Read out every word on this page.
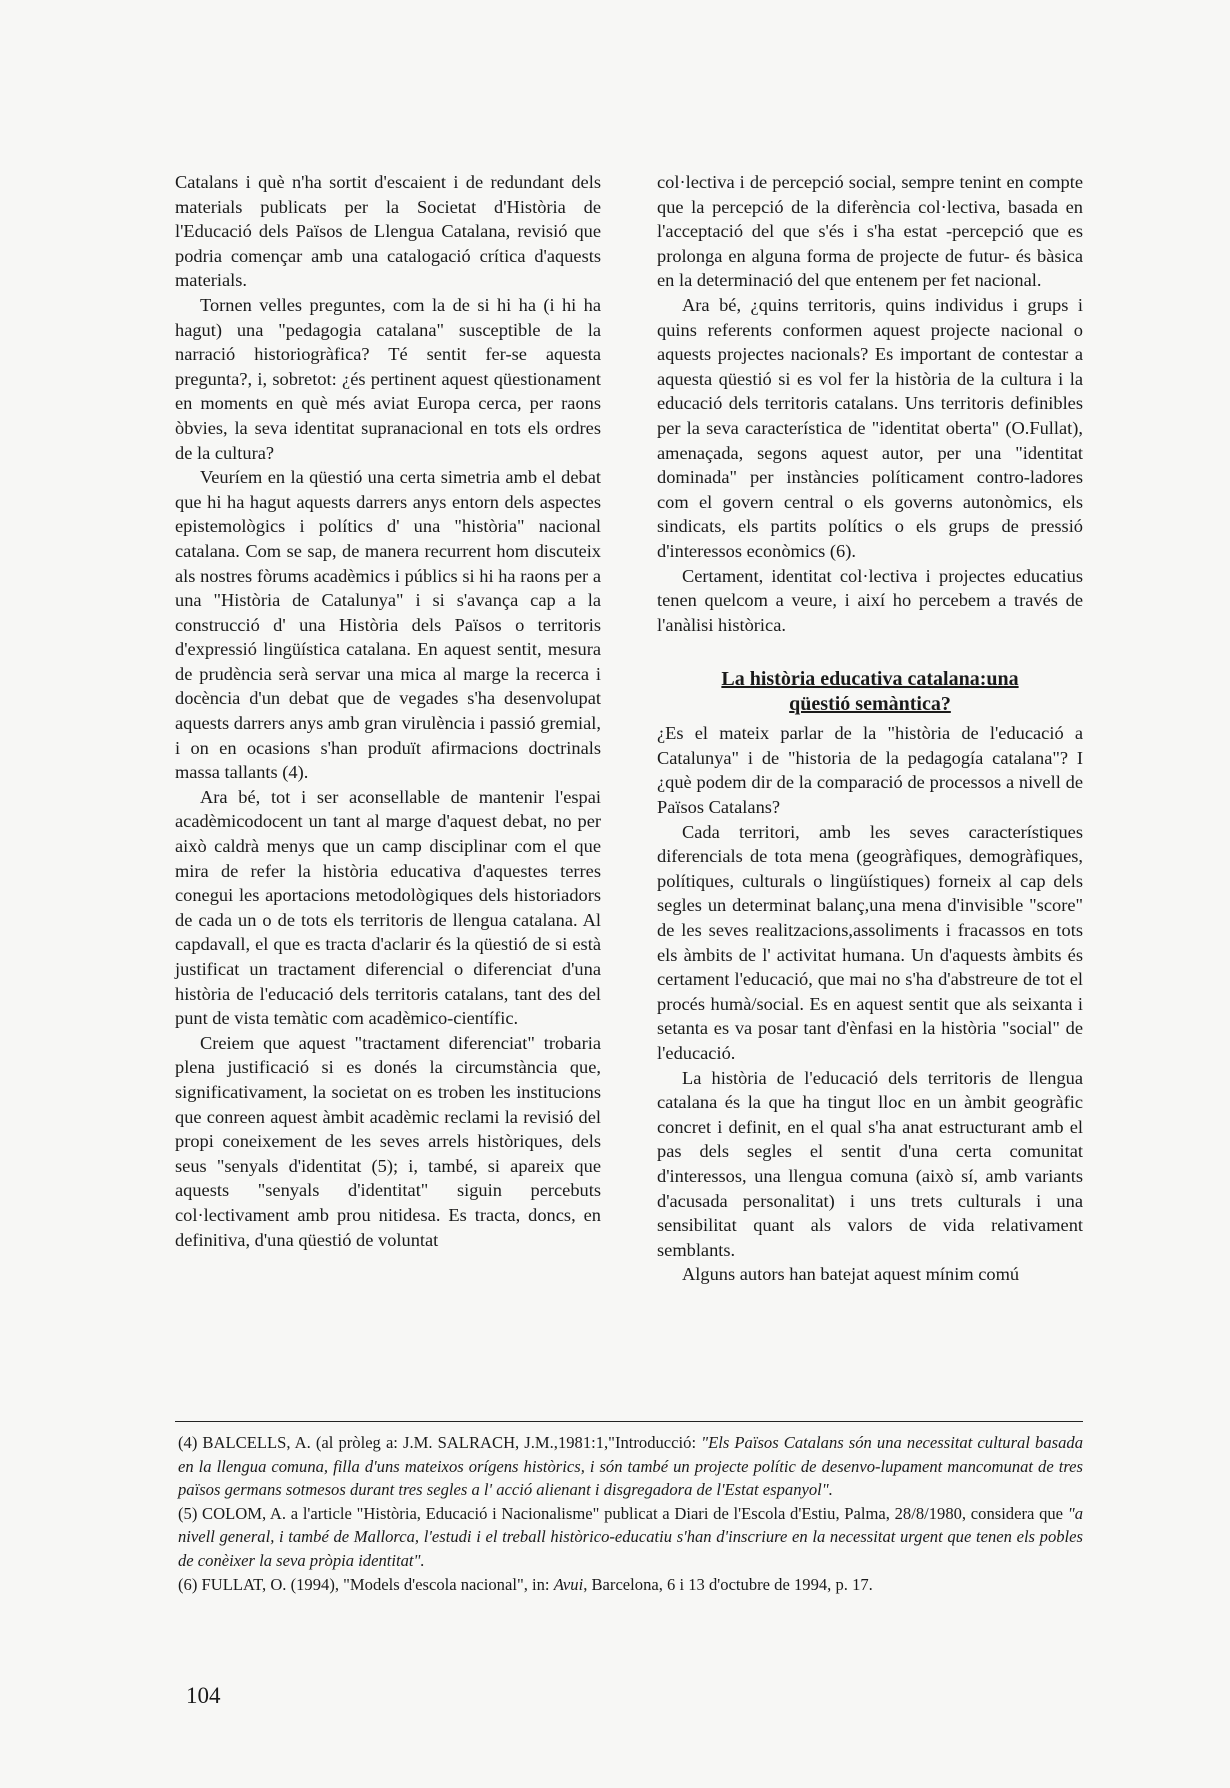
Catalans i què n'ha sortit d'escaient i de redundant dels materials publicats per la Societat d'Història de l'Educació dels Països de Llengua Catalana, revisió que podria començar amb una catalogació crítica d'aquests materials.

Tornen velles preguntes, com la de si hi ha (i hi ha hagut) una "pedagogia catalana" susceptible de la narració historiogràfica? Té sentit fer-se aquesta pregunta?, i, sobretot: ¿és pertinent aquest qüestionament en moments en què més aviat Europa cerca, per raons òbvies, la seva identitat supranacional en tots els ordres de la cultura?

Veuríem en la qüestió una certa simetria amb el debat que hi ha hagut aquests darrers anys entorn dels aspectes epistemològics i polítics d' una "història" nacional catalana. Com se sap, de manera recurrent hom discuteix als nostres fòrums acadèmics i públics si hi ha raons per a una "Història de Catalunya" i si s'avança cap a la construcció d' una Història dels Països o territoris d'expressió lingüística catalana. En aquest sentit, mesura de prudència serà servar una mica al marge la recerca i docència d'un debat que de vegades s'ha desenvolupat aquests darrers anys amb gran virulència i passió gremial, i on en ocasions s'han produït afirmacions doctrinals massa tallants (4).

Ara bé, tot i ser aconsellable de mantenir l'espai acadèmicodocent un tant al marge d'aquest debat, no per això caldrà menys que un camp disciplinar com el que mira de refer la història educativa d'aquestes terres conegui les aportacions metodològiques dels historiadors de cada un o de tots els territoris de llengua catalana. Al capdavall, el que es tracta d'aclarir és la qüestió de si està justificat un tractament diferencial o diferenciat d'una història de l'educació dels territoris catalans, tant des del punt de vista temàtic com acadèmico-científic.

Creiem que aquest "tractament diferenciat" trobaria plena justificació si es donés la circumstància que, significativament, la societat on es troben les institucions que conreen aquest àmbit acadèmic reclami la revisió del propi coneixement de les seves arrels històriques, dels seus "senyals d'identitat (5); i, també, si apareix que aquests "senyals d'identitat" siguin percebuts col·lectivament amb prou nitidesa. Es tracta, doncs, en definitiva, d'una qüestió de voluntat

col·lectiva i de percepció social, sempre tenint en compte que la percepció de la diferència col·lectiva, basada en l'acceptació del que s'és i s'ha estat -percepció que es prolonga en alguna forma de projecte de futur- és bàsica en la determinació del que entenem per fet nacional.

Ara bé, ¿quins territoris, quins individus i grups i quins referents conformen aquest projecte nacional o aquests projectes nacionals? Es important de contestar a aquesta qüestió si es vol fer la història de la cultura i la educació dels territoris catalans. Uns territoris definibles per la seva característica de "identitat oberta" (O.Fullat), amenaçada, segons aquest autor, per una "identitat dominada" per instàncies políticament contro-ladores com el govern central o els governs autonòmics, els sindicats, els partits polítics o els grups de pressió d'interessos econòmics (6).

Certament, identitat col·lectiva i projectes educatius tenen quelcom a veure, i així ho percebem a través de l'anàlisi històrica.

La història educativa catalana:una
qüestió semàntica?

¿Es el mateix parlar de la "història de l'educació a Catalunya" i de "historia de la pedagogía catalana"? I ¿què podem dir de la comparació de processos a nivell de Països Catalans?

Cada territori, amb les seves característiques diferencials de tota mena (geogràfiques, demogràfiques, polítiques, culturals o lingüístiques) forneix al cap dels segles un determinat balanç,una mena d'invisible "score" de les seves realitzacions,assoliments i fracassos en tots els àmbits de l' activitat humana. Un d'aquests àmbits és certament l'educació, que mai no s'ha d'abstreure de tot el procés humà/social. Es en aquest sentit que als seixanta i setanta es va posar tant d'ènfasi en la història "social" de l'educació.

La història de l'educació dels territoris de llengua catalana és la que ha tingut lloc en un àmbit geogràfic concret i definit, en el qual s'ha anat estructurant amb el pas dels segles el sentit d'una certa comunitat d'interessos, una llengua comuna (això sí, amb variants d'acusada personalitat) i uns trets culturals i una sensibilitat quant als valors de vida relativament semblants.

Alguns autors han batejat aquest mínim comú

(4) BALCELLS, A. (al pròleg a: J.M. SALRACH, J.M.,1981:1,"Introducció: "Els Països Catalans són una necessitat cultural basada en la llengua comuna, filla d'uns mateixos orígens històrics, i són també un projecte polític de desenvo-lupament mancomunat de tres països germans sotmesos durant tres segles a l' acció alienant i disgregadora de l'Estat espanyol".

(5) COLOM, A. a l'article "Història, Educació i Nacionalisme" publicat a Diari de l'Escola d'Estiu, Palma, 28/8/1980, considera que "a nivell general, i també de Mallorca, l'estudi i el treball històrico-educatiu s'han d'inscriure en la necessitat urgent que tenen els pobles de conèixer la seva pròpia identitat".

(6) FULLAT, O. (1994), "Models d'escola nacional", in: Avui, Barcelona, 6 i 13 d'octubre de 1994, p. 17.

104
